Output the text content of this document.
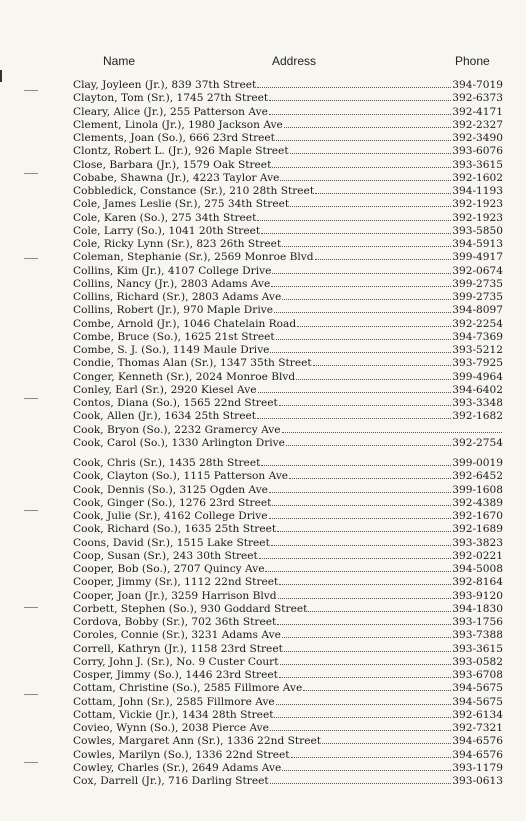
Name	Address	Phone
Clay, Joyleen (Jr.), 839 37th Street	394-7019
Clayton, Tom (Sr.), 1745 27th Street	392-6373
Cleary, Alice (Jr.), 255 Patterson Ave	392-4171
Clement, Linola (Jr.), 1980 Jackson Ave	392-2327
Clements, Joan (So.), 666 23rd Street	392-3490
Clontz, Robert L. (Jr.), 926 Maple Street	393-6076
Close, Barbara (Jr.), 1579 Oak Street	393-3615
Cobabe, Shawna (Jr.), 4223 Taylor Ave	392-1602
Cobbledick, Constance (Sr.), 210 28th Street	394-1193
Cole, James Leslie (Sr.), 275 34th Street	392-1923
Cole, Karen (So.), 275 34th Street	392-1923
Cole, Larry (So.), 1041 20th Street	393-5850
Cole, Ricky Lynn (Sr.), 823 26th Street	394-5913
Coleman, Stephanie (Sr.), 2569 Monroe Blvd	399-4917
Collins, Kim (Jr.), 4107 College Drive	392-0674
Collins, Nancy (Jr.), 2803 Adams Ave	399-2735
Collins, Richard (Sr.), 2803 Adams Ave	399-2735
Collins, Robert (Jr.), 970 Maple Drive	394-8097
Combe, Arnold (Jr.), 1046 Chatelain Road	392-2254
Combe, Bruce (So.), 1625 21st Street	394-7369
Combe, S. J. (So.), 1149 Maule Drive	393-5212
Condie, Thomas Alan (Sr.), 1347 35th Street	393-7925
Conger, Kenneth (Sr.), 2024 Monroe Blvd	399-4964
Conley, Earl (Sr.), 2920 Kiesel Ave	394-6402
Contos, Diana (So.), 1565 22nd Street	393-3348
Cook, Allen (Jr.), 1634 25th Street	392-1682
Cook, Bryon (So.), 2232 Gramercy Ave
Cook, Carol (So.), 1330 Arlington Drive	392-2754
Cook, Chris (Sr.), 1435 28th Street	399-0019
Cook, Clayton (So.), 1115 Patterson Ave	392-6452
Cook, Dennis (So.), 3125 Ogden Ave	399-1608
Cook, Ginger (So.), 1276 23rd Street	392-4389
Cook, Julie (Sr.), 4162 College Drive	392-1670
Cook, Richard (So.), 1635 25th Street	392-1689
Coons, David (Sr.), 1515 Lake Street	393-3823
Coop, Susan (Sr.), 243 30th Street	392-0221
Cooper, Bob (So.), 2707 Quincy Ave	394-5008
Cooper, Jimmy (Sr.), 1112 22nd Street	392-8164
Cooper, Joan (Jr.), 3259 Harrison Blvd	393-9120
Corbett, Stephen (So.), 930 Goddard Street	394-1830
Cordova, Bobby (Sr.), 702 36th Street	393-1756
Coroles, Connie (Sr.), 3231 Adams Ave	393-7388
Correll, Kathryn (Jr.), 1158 23rd Street	393-3615
Corry, John J. (Sr.), No. 9 Custer Court	393-0582
Cosper, Jimmy (So.), 1446 23rd Street	393-6708
Cottam, Christine (So.), 2585 Fillmore Ave	394-5675
Cottam, John (Sr.), 2585 Fillmore Ave	394-5675
Cottam, Vickie (Jr.), 1434 28th Street	392-6134
Covieo, Wynn (So.), 2038 Pierce Ave	392-7321
Cowles, Margaret Ann (Sr.), 1336 22nd Street	394-6576
Cowles, Marilyn (So.), 1336 22nd Street	394-6576
Cowley, Charles (Sr.), 2649 Adams Ave	393-1179
Cox, Darrell (Jr.), 716 Darling Street	393-0613
